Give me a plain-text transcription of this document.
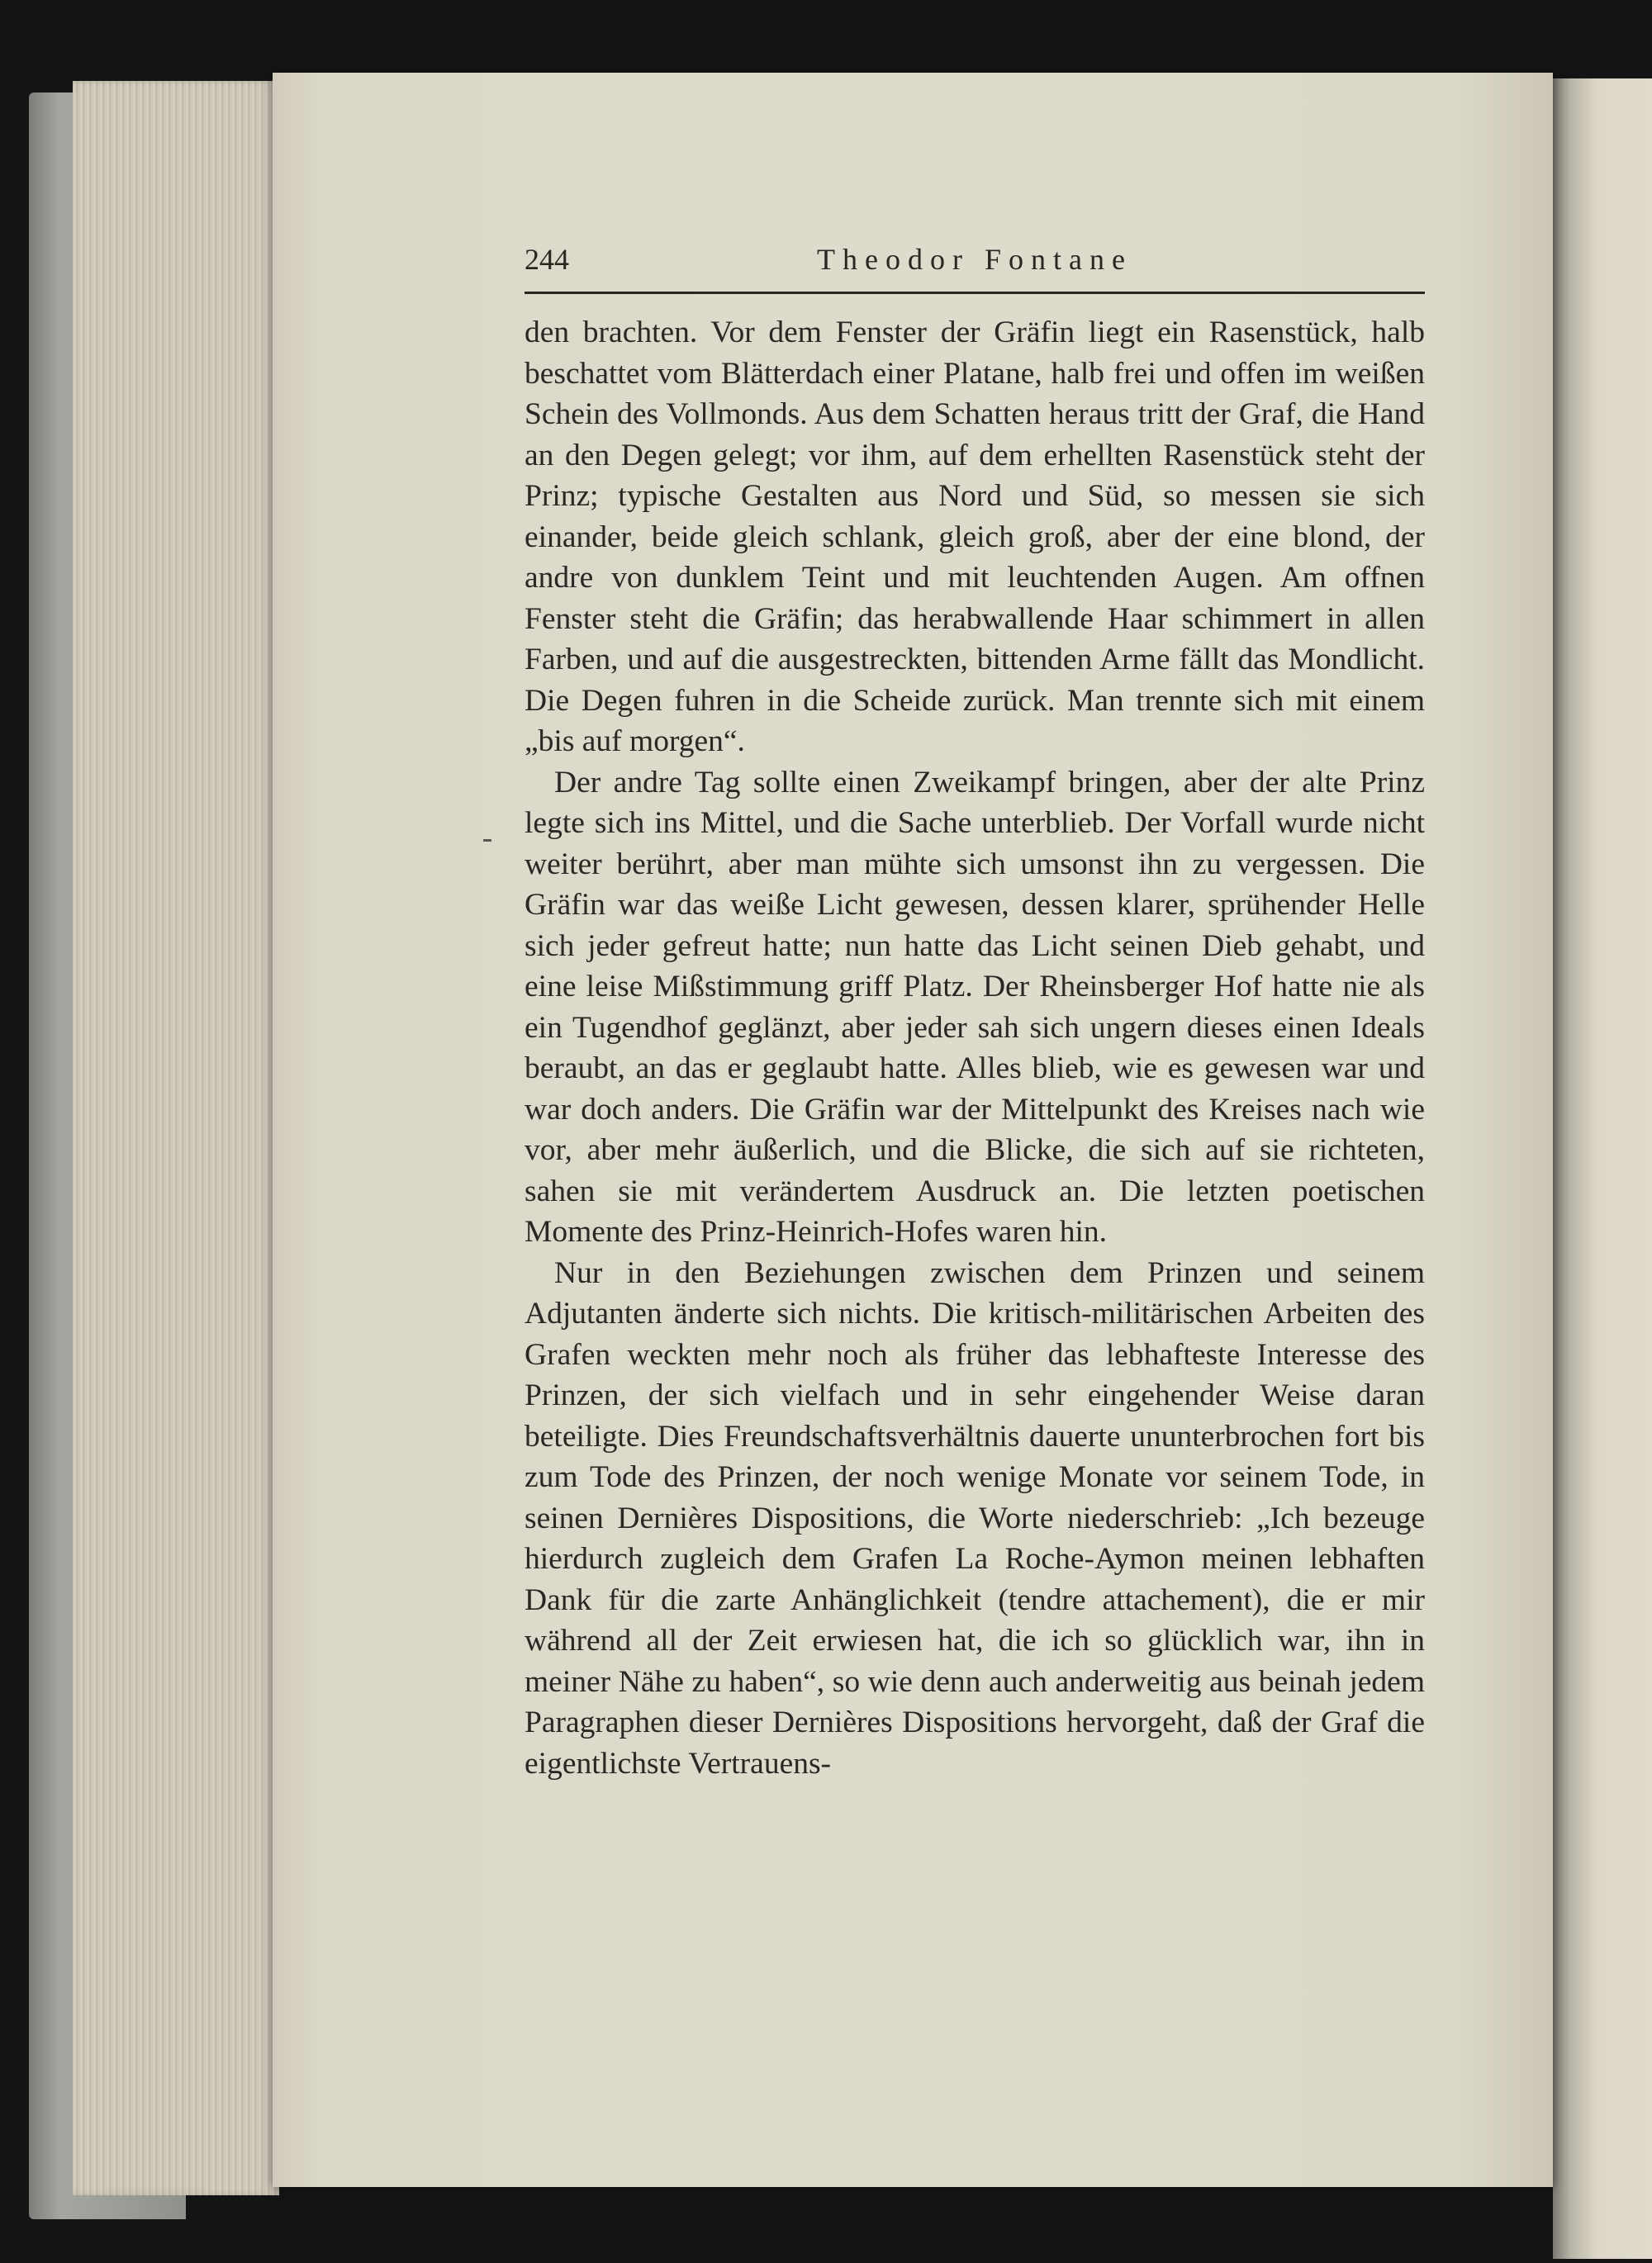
244	Theodor Fontane

den brachten. Vor dem Fenster der Gräfin liegt ein Rasenstück, halb beschattet vom Blätterdach einer Platane, halb frei und offen im weißen Schein des Vollmonds. Aus dem Schatten heraus tritt der Graf, die Hand an den Degen gelegt; vor ihm, auf dem erhellten Rasenstück steht der Prinz; typische Gestalten aus Nord und Süd, so messen sie sich einander, beide gleich schlank, gleich groß, aber der eine blond, der andre von dunklem Teint und mit leuchtenden Augen. Am offnen Fenster steht die Gräfin; das herabwallende Haar schimmert in allen Farben, und auf die ausgestreckten, bittenden Arme fällt das Mondlicht. Die Degen fuhren in die Scheide zurück. Man trennte sich mit einem „bis auf morgen“.

Der andre Tag sollte einen Zweikampf bringen, aber der alte Prinz legte sich ins Mittel, und die Sache unterblieb. Der Vorfall wurde nicht weiter berührt, aber man mühte sich umsonst ihn zu vergessen. Die Gräfin war das weiße Licht gewesen, dessen klarer, sprühender Helle sich jeder gefreut hatte; nun hatte das Licht seinen Dieb gehabt, und eine leise Mißstimmung griff Platz. Der Rheinsberger Hof hatte nie als ein Tugendhof geglänzt, aber jeder sah sich ungern dieses einen Ideals beraubt, an das er geglaubt hatte. Alles blieb, wie es gewesen war und war doch anders. Die Gräfin war der Mittelpunkt des Kreises nach wie vor, aber mehr äußerlich, und die Blicke, die sich auf sie richteten, sahen sie mit verändertem Ausdruck an. Die letzten poetischen Momente des Prinz-Heinrich-Hofes waren hin.

Nur in den Beziehungen zwischen dem Prinzen und seinem Adjutanten änderte sich nichts. Die kritisch-militärischen Arbeiten des Grafen weckten mehr noch als früher das lebhafteste Interesse des Prinzen, der sich vielfach und in sehr eingehender Weise daran beteiligte. Dies Freundschaftsverhältnis dauerte ununterbrochen fort bis zum Tode des Prinzen, der noch wenige Monate vor seinem Tode, in seinen Dernières Dispositions, die Worte niederschrieb: „Ich bezeuge hierdurch zugleich dem Grafen La Roche-Aymon meinen lebhaften Dank für die zarte Anhänglichkeit (tendre attachement), die er mir während all der Zeit erwiesen hat, die ich so glücklich war, ihn in meiner Nähe zu haben“, so wie denn auch anderweitig aus beinah jedem Paragraphen dieser Dernières Dispositions hervorgeht, daß der Graf die eigentlichste Vertrauens-
